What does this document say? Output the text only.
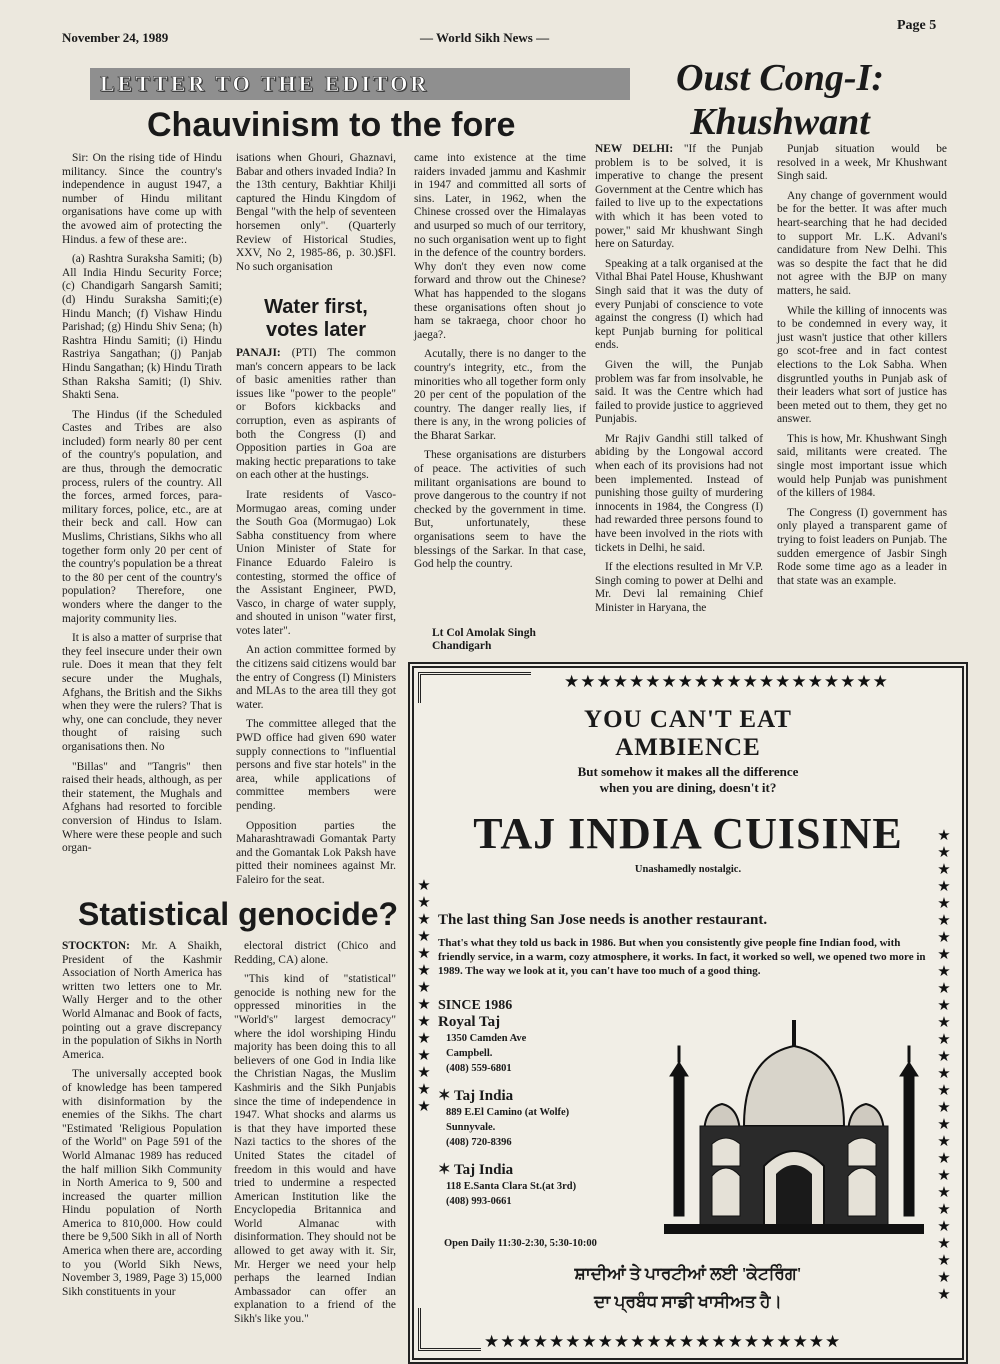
November 24, 1989	— World Sikh News —
Page 5
LETTER TO THE EDITOR
Chauvinism to the fore

Sir: On the rising tide of Hindu militancy. Since the country's independence in august 1947, a number of Hindu militant organisations have come up with the avowed aim of protecting the Hindus. a few of these are:.

(a) Rashtra Suraksha Samiti; (b) All India Hindu Security Force; (c) Chandigarh Sangarsh Samiti; (d) Hindu Suraksha Samiti;(e) Hindu Manch; (f) Vishaw Hindu Parishad; (g) Hindu Shiv Sena; (h) Rashtra Hindu Samiti; (i) Hindu Rastriya Sangathan; (j) Panjab Hindu Sangathan; (k) Hindu Tirath Sthan Raksha Samiti; (l) Shiv. Shakti Sena.

The Hindus (if the Scheduled Castes and Tribes are also included) form nearly 80 per cent of the country's population, and are thus, through the democratic process, rulers of the country. All the forces, armed forces, para-military forces, police, etc., are at their beck and call. How can Muslims, Christians, Sikhs who all together form only 20 per cent of the country's population be a threat to the 80 per cent of the country's population? Therefore, one wonders where the danger to the majority community lies.

It is also a matter of surprise that they feel insecure under their own rule. Does it mean that they felt secure under the Mughals, Afghans, the British and the Sikhs when they were the rulers? That is why, one can conclude, they never thought of raising such organisations then. No

"Billas" and "Tangris" then raised their heads, although, as per their statement, the Mughals and Afghans had resorted to forcible conversion of Hindus to Islam. Where were these people and such organ-

isations when Ghouri, Ghaznavi, Babar and others invaded India? In the 13th century, Bakhtiar Khilji captured the Hindu Kingdom of Bengal "with the help of seventeen horsemen only". (Quarterly Review of Historical Studies, XXV, No 2, 1985-86, p. 30.)$Fl. No such organisation

came into existence at the time raiders invaded jammu and Kashmir in 1947 and committed all sorts of sins. Later, in 1962, when the Chinese crossed over the Himalayas and usurped so much of our territory, no such organisation went up to fight in the defence of the country borders. Why don't they even now come forward and throw out the Chinese? What has happended to the slogans these organisations often shout jo ham se takraega, choor choor ho jaega?.

Acutally, there is no danger to the country's integrity, etc., from the minorities who all together form only 20 per cent of the population of the country. The danger really lies, if there is any, in the wrong policies of the Bharat Sarkar.

These organisations are disturbers of peace. The activities of such militant organisations are bound to prove dangerous to the country if not checked by the government in time. But, unfortunately, these organisations seem to have the blessings of the Sarkar. In that case, God help the country.

Lt Col Amolak Singh
Chandigarh
Water first,
votes later

PANAJI: (PTI) The common man's concern appears to be lack of basic amenities rather than issues like "power to the people" or Bofors kickbacks and corruption, even as aspirants of both the Congress (I) and Opposition parties in Goa are making hectic preparations to take on each other at the hustings.

Irate residents of Vasco-Mormugao areas, coming under the South Goa (Mormugao) Lok Sabha constituency from where Union Minister of State for Finance Eduardo Faleiro is contesting, stormed the office of the Assistant Engineer, PWD, Vasco, in charge of water supply, and shouted in unison "water first, votes later".

An action committee formed by the citizens said citizens would bar the entry of Congress (I) Ministers and MLAs to the area till they got water.

The committee alleged that the PWD office had given 690 water supply connections to "influential persons and five star hotels" in the area, while applications of committee members were pending.

Opposition parties the Maharashtrawadi Gomantak Party and the Gomantak Lok Paksh have pitted their nominees against Mr. Faleiro for the seat.

Oust Cong-I:
Khushwant

NEW DELHI: "If the Punjab problem is to be solved, it is imperative to change the present Government at the Centre which has failed to live up to the expectations with which it has been voted to power," said Mr khushwant Singh here on Saturday.

Speaking at a talk organised at the Vithal Bhai Patel House, Khushwant Singh said that it was the duty of every Punjabi of conscience to vote against the congress (I) which had kept Punjab burning for political ends.

Given the will, the Punjab problem was far from insolvable, he said. It was the Centre which had failed to provide justice to aggrieved Punjabis.

Mr Rajiv Gandhi still talked of abiding by the Longowal accord when each of its provisions had not been implemented. Instead of punishing those guilty of murdering innocents in 1984, the Congress (I) had rewarded three persons found to have been involved in the riots with tickets in Delhi, he said.

If the elections resulted in Mr V.P. Singh coming to power at Delhi and Mr. Devi lal remaining Chief Minister in Haryana, the

Punjab situation would be resolved in a week, Mr Khushwant Singh said.

Any change of government would be for the better. It was after much heart-searching that he had decided to support Mr. L.K. Advani's candidature from New Delhi. This was so despite the fact that he did not agree with the BJP on many matters, he said.

While the killing of innocents was to be condemned in every way, it just wasn't justice that other killers go scot-free and in fact contest elections to the Lok Sabha. When disgruntled youths in Punjab ask of their leaders what sort of justice has been meted out to them, they get no answer.

This is how, Mr. Khushwant Singh said, militants were created. The single most important issue which would help Punjab was punishment of the killers of 1984.

The Congress (I) government has only played a transparent game of trying to foist leaders on Punjab. The sudden emergence of Jasbir Singh Rode some time ago as a leader in that state was an example.

Statistical genocide?

STOCKTON: Mr. A Shaikh, President of the Kashmir Association of North America has written two letters one to Mr. Wally Herger and to the other World Almanac and Book of facts, pointing out a grave discrepancy in the population of Sikhs in North America.

The universally accepted book of knowledge has been tampered with disinformation by the enemies of the Sikhs. The chart "Estimated 'Religious Population of the World" on Page 591 of the World Almanac 1989 has reduced the half million Sikh Community in North America to 9, 500 and increased the quarter million Hindu population of North America to 810,000. How could there be 9,500 Sikh in all of North America when there are, according to you (World Sikh News, November 3, 1989, Page 3) 15,000 Sikh constituents in your

electoral district (Chico and Redding, CA) alone.

"This kind of "statistical" genocide is nothing new for the oppressed minorities in the "World's" largest democracy" where the idol worshiping Hindu majority has been doing this to all believers of one God in India like the Christian Nagas, the Muslim Kashmiris and the Sikh Punjabis since the time of independence in 1947. What shocks and alarms us is that they have imported these Nazi tactics to the shores of the United States the citadel of freedom in this would and have tried to undermine a respected American Institution like the Encyclopedia Britannica and World Almanac with disinformation. They should not be allowed to get away with it. Sir, Mr. Herger we need your help perhaps the learned Indian Ambassador can offer an explanation to a friend of the Sikh's like you."

★★★★★★★★★★★★★★★★★★★★
★★★★★★★★★★★★★★★★★★★★★★
★
★
★
★
★
★
★
★
★
★
★
★
★
★
★
★
★
★
★
★
★
★
★
★
★
★
★
★
★
★
★
★
★
★
★
★
★
★
★
★
★
★
YOU CAN'T EAT
AMBIENCE
But somehow it makes all the difference
when you are dining, doesn't it?
TAJ INDIA CUISINE
Unashamedly nostalgic.
The last thing San Jose needs is another restaurant.
That's what they told us back in 1986. But when you consistently give people fine Indian food, with friendly service, in a warm, cozy atmosphere, it works. In fact, it worked so well, we opened two more in 1989. The way we look at it, you can't have too much of a good thing.
SINCE 1986
Royal Taj
1350 Camden Ave
Campbell.
(408) 559-6801
✶ Taj India
889 E.El Camino (at Wolfe)
Sunnyvale.
(408) 720-8396
✶ Taj India
118 E.Santa Clara St.(at 3rd)
(408) 993-0661
Open Daily 11:30-2:30, 5:30-10:00
ਸ਼ਾਦੀਆਂ ਤੇ ਪਾਰਟੀਆਂ ਲਈ 'ਕੇਟਰਿੰਗ'
ਦਾ ਪ੍ਰਬੰਧ ਸਾਡੀ ਖਾਸੀਅਤ ਹੈ।
